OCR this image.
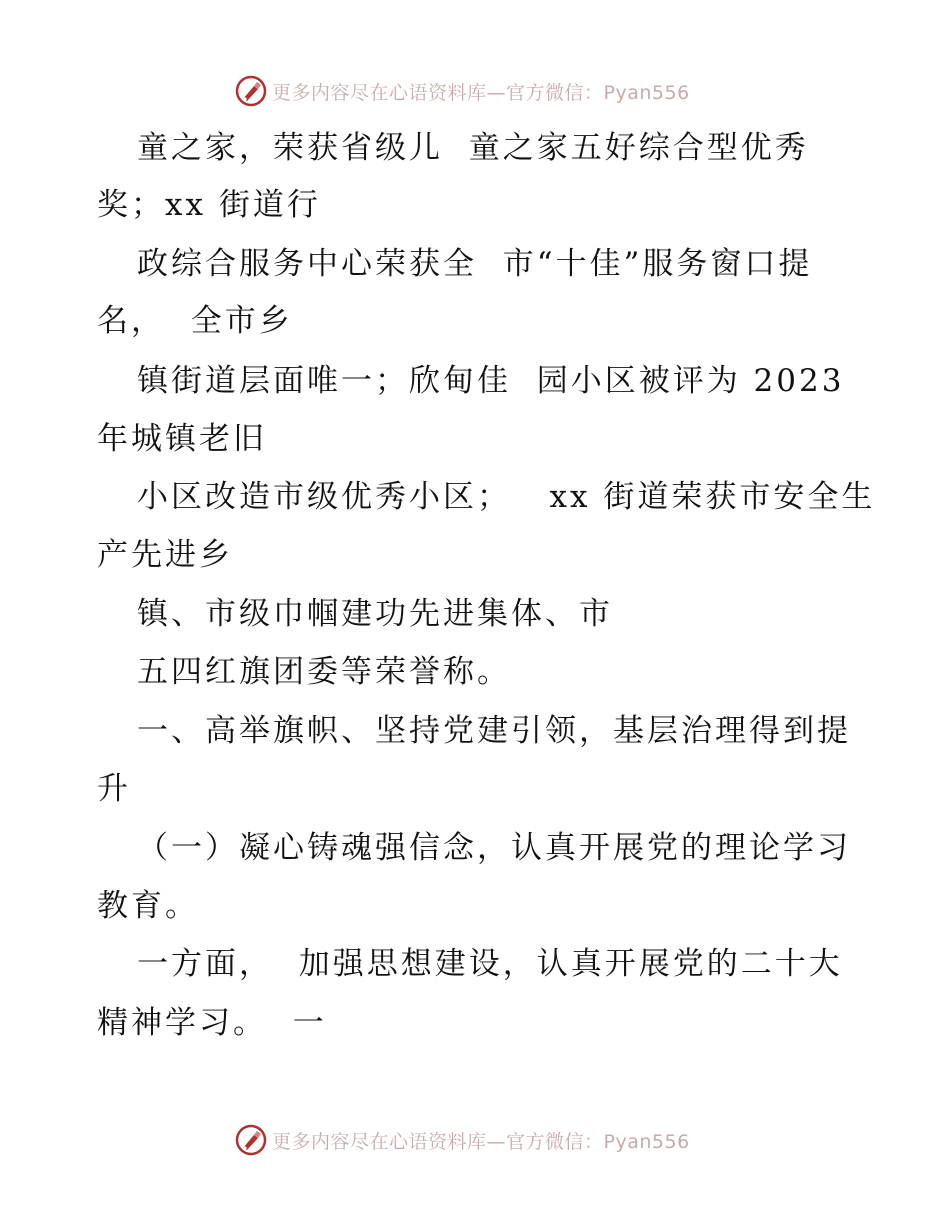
更多内容尽在心语资料库—官方微信：Pyan556
童之家，荣获省级儿  童之家五好综合型优秀
奖；xx 街道行
政综合服务中心荣获全  市“十佳”服务窗口提
名，  全市乡
镇街道层面唯一；欣甸佳  园小区被评为 2023
年城镇老旧
小区改造市级优秀小区；   xx 街道荣获市安全生
产先进乡
镇、市级巾帼建功先进集体、市
五四红旗团委等荣誉称。
一、高举旗帜、坚持党建引领，基层治理得到提
升
（一）凝心铸魂强信念，认真开展党的理论学习
教育。
一方面，  加强思想建设，认真开展党的二十大
精神学习。  一
更多内容尽在心语资料库—官方微信：Pyan556
